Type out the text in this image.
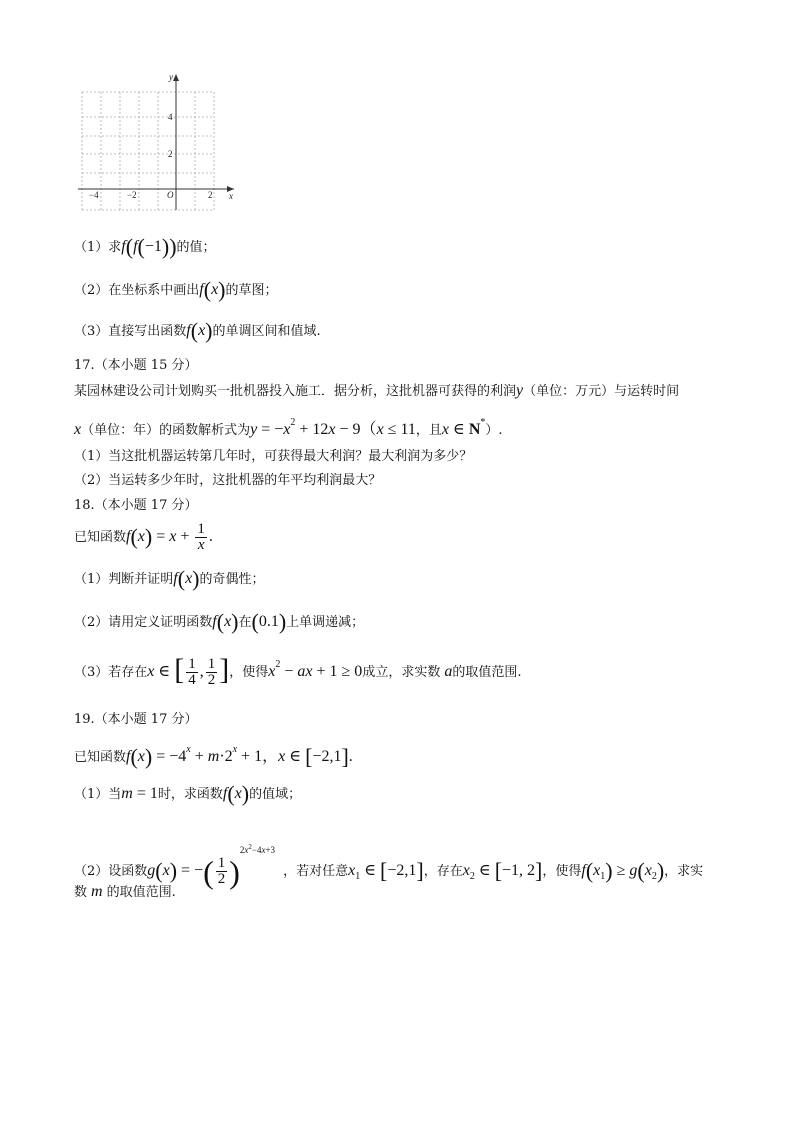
y
x
O
−4	−2	2
4
2
（1）求f(f(−1))的值；
（2）在坐标系中画出f(x)的草图；
（3）直接写出函数f(x)的单调区间和值域.
17.（本小题 15 分）
某园林建设公司计划购买一批机器投入施工．据分析，这批机器可获得的利润y（单位：万元）与运转时间
x（单位：年）的函数解析式为$y = -x^2 + 12x - 9(x \le 11$，且x ∈ N*）.
（1）当这批机器运转第几年时，可获得最大利润？最大利润为多少？
（2）当运转多少年时，这批机器的年平均利润最大？
18.（本小题 17 分）
已知函数$f(x) = x + \frac{1}{x}$ .
（1）判断并证明f(x)的奇偶性；
（2）请用定义证明函数f(x)在(0.1)上单调递减；
（3）若存在x ∈ [ $\frac{1}{4}$ , $\frac{1}{2}$ ]，使得$x^2$ − ax + 1 ≥ 0成立，求实数 a的取值范围.
19.（本小题 17 分）
已知函数$f(x) = -4^x + m\cdot 2^x + 1$，x ∈ [−2,1].
（1）当m = 1时，求函数f(x)的值域；
（2）设函数g(x) = −( $\frac{1}{2} )^{2x^2-4x+3}$，若对任意$x_1$ ∈ [−2,1]，存在$x_2$ ∈ [−1, 2]，使得$f(x_1) \ge g(x_2)$，求实
数 m 的取值范围.
